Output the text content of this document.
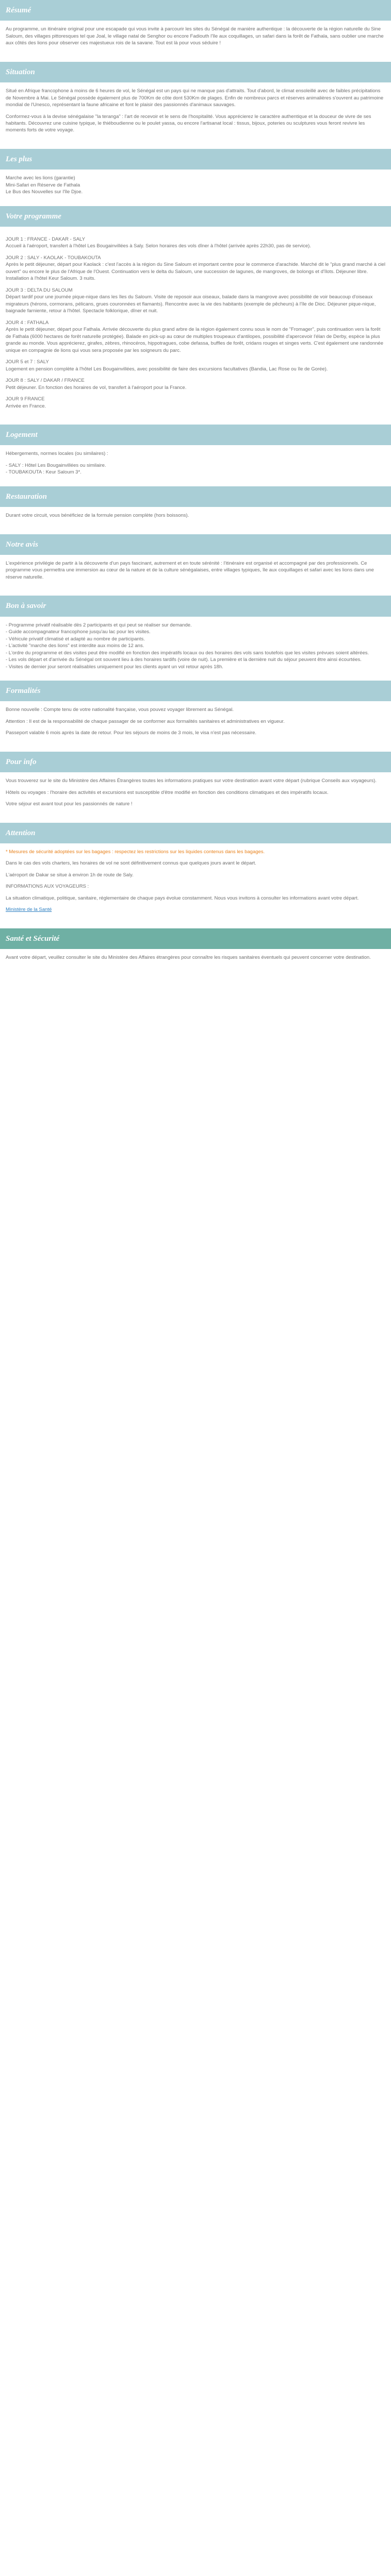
Résumé

Au programme, un itinéraire original pour une escapade qui vous invite à parcourir les sites du Sénégal de manière authentique : la découverte de la région naturelle du Sine Saloum, des villages pittoresques tel que Joal, le village natal de Senghor ou encore Fadiouth l'île aux coquillages, un safari dans la forêt de Fathala, sans oublier une marche aux côtés des lions pour observer ces majestueux rois de la savane. Tout est là pour vous séduire !

Situation

Situé en Afrique francophone à moins de 6 heures de vol, le Sénégal est un pays qui ne manque pas d'attraits. Tout d'abord, le climat ensoleillé avec de faibles précipitations de Novembre à Mai. Le Sénégal possède également plus de 700Km de côte dont 530Km de plages. Enfin de nombreux parcs et réserves animalières s'ouvrent au patrimoine mondial de l'Unesco, représentant la faune africaine et font le plaisir des passionnés d'animaux sauvages.

Conformez-vous à la devise sénégalaise "la teranga" : l'art de recevoir et le sens de l'hospitalité. Vous apprécierez le caractère authentique et la douceur de vivre de ses habitants. Découvrez une cuisine typique, le thiéboudienne ou le poulet yassa, ou encore l'artisanat local : tissus, bijoux, poteries ou sculptures vous feront revivre les moments forts de votre voyage.

Les plus
Marche avec les lions (garantie)
Mini-Safari en Réserve de Fathala
Le Bus des Nouvelles sur l'île Djoe.
Votre programme
JOUR 1 : FRANCE - DAKAR - SALY

Accueil à l'aéroport, transfert à l'hôtel Les Bougainvillées à Saly. Selon horaires des vols dîner à l'hôtel (arrivée après 22h30, pas de service).

JOUR 2 : SALY - KAOLAK - TOUBAKOUTA

Après le petit déjeuner, départ pour Kaolack : c'est l'accès à la région du Sine Saloum et important centre pour le commerce d'arachide. Marché dit le "plus grand marché à ciel ouvert" ou encore le plus de l'Afrique de l'Ouest. Continuation vers le delta du Saloum, une succession de lagunes, de mangroves, de bolongs et d'îlots. Déjeuner libre. Installation à l'hôtel Keur Saloum. 3 nuits.

JOUR 3 : DELTA DU SALOUM

Départ tardif pour une journée pique-nique dans les îles du Saloum. Visite de reposoir aux oiseaux, balade dans la mangrove avec possibilité de voir beaucoup d'oiseaux migrateurs (hérons, cormorans, pélicans, grues couronnées et flamants). Rencontre avec la vie des habitants (exemple de pêcheurs) à l'île de Dioc. Déjeuner pique-nique, baignade farniente, retour à l'hôtel. Spectacle folklorique, dîner et nuit.

JOUR 4 : FATHALA

Après le petit déjeuner, départ pour Fathala. Arrivée découverte du plus grand arbre de la région également connu sous le nom de "Fromager", puis continuation vers la forêt de Fathala (6000 hectares de forêt naturelle protégée). Balade en pick-up au cœur de multiples troupeaux d'antilopes, possibilité d'apercevoir l'élan de Derby, espèce la plus grande au monde. Vous apprécierez, girafes, zèbres, rhinocéros, hippotragues, cobe defassa, buffles de forêt, cridans rouges et singes verts. C'est également une randonnée unique en compagnie de lions qui vous sera proposée par les soigneurs du parc.

JOUR 5 et 7 : SALY

Logement en pension complète à l'hôtel Les Bougainvillées, avec possibilité de faire des excursions facultatives (Bandia, Lac Rose ou île de Gorée).

JOUR 8 : SALY / DAKAR / FRANCE

Petit déjeuner. En fonction des horaires de vol, transfert à l'aéroport pour la France.

JOUR 9 FRANCE

Arrivée en France.

Logement

Hébergements, normes locales (ou similaires) :

- SALY : Hôtel Les Bougainvillées ou similaire.
- TOUBAKOUTA : Keur Saloum 3*.
Restauration

Durant votre circuit, vous bénéficiez de la formule pension complète (hors boissons).

Notre avis

L'expérience privilégie de partir à la découverte d'un pays fascinant, autrement et en toute sérénité : l'itinéraire est organisé et accompagné par des professionnels. Ce programme vous permettra une immersion au cœur de la nature et de la culture sénégalaises, entre villages typiques, île aux coquillages et safari avec les lions dans une réserve naturelle.

Bon à savoir
- Programme privatif réalisable dès 2 participants et qui peut se réaliser sur demande.
- Guide accompagnateur francophone jusqu'au lac pour les visites.
- Véhicule privatif climatisé et adapté au nombre de participants.
- L'activité "marche des lions" est interdite aux moins de 12 ans.
- L'ordre du programme et des visites peut être modifié en fonction des impératifs locaux ou des horaires des vols sans toutefois que les visites prévues soient altérées.
- Les vols départ et d'arrivée du Sénégal ont souvent lieu à des horaires tardifs (voire de nuit). La première et la dernière nuit du séjour peuvent être ainsi écourtées.
- Visites de dernier jour seront réalisables uniquement pour les clients ayant un vol retour après 18h.
Formalités

Bonne nouvelle : Compte tenu de votre nationalité française, vous pouvez voyager librement au Sénégal.

Attention : Il est de la responsabilité de chaque passager de se conformer aux formalités sanitaires et administratives en vigueur.

Passeport valable 6 mois après la date de retour. Pour les séjours de moins de 3 mois, le visa n'est pas nécessaire.

Pour info

Vous trouverez sur le site du Ministère des Affaires Étrangères toutes les informations pratiques sur votre destination avant votre départ (rubrique Conseils aux voyageurs).

Hôtels ou voyages : l'horaire des activités et excursions est susceptible d'être modifié en fonction des conditions climatiques et des impératifs locaux.

Votre séjour est avant tout pour les passionnés de nature !

Attention

* Mesures de sécurité adoptées sur les bagages : respectez les restrictions sur les liquides contenus dans les bagages.

Dans le cas des vols charters, les horaires de vol ne sont définitivement connus que quelques jours avant le départ.

L'aéroport de Dakar se situe à environ 1h de route de Saly.

INFORMATIONS AUX VOYAGEURS :

La situation climatique, politique, sanitaire, réglementaire de chaque pays évolue constamment. Nous vous invitons à consulter les informations avant votre départ.

Ministère de la Santé

Santé et Sécurité

Avant votre départ, veuillez consulter le site du Ministère des Affaires étrangères pour connaître les risques sanitaires éventuels qui peuvent concerner votre destination.
